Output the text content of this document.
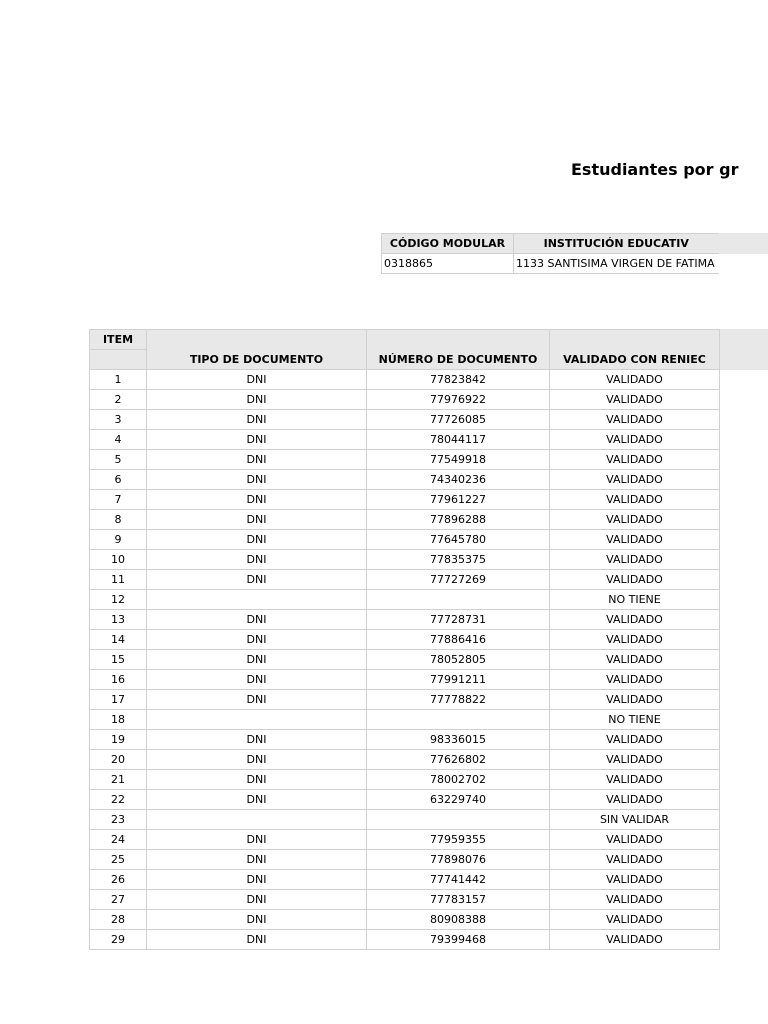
Estudiantes por gr
CÓDIGO MODULAR	INSTITUCIÓN EDUCATIV
0318865	1133 SANTISIMA VIRGEN DE FATIMA
ITEM			
	TIPO DE DOCUMENTO	NÚMERO DE DOCUMENTO	VALIDADO CON RENIEC
1	DNI	77823842	VALIDADO
2	DNI	77976922	VALIDADO
3	DNI	77726085	VALIDADO
4	DNI	78044117	VALIDADO
5	DNI	77549918	VALIDADO
6	DNI	74340236	VALIDADO
7	DNI	77961227	VALIDADO
8	DNI	77896288	VALIDADO
9	DNI	77645780	VALIDADO
10	DNI	77835375	VALIDADO
11	DNI	77727269	VALIDADO
12			NO TIENE
13	DNI	77728731	VALIDADO
14	DNI	77886416	VALIDADO
15	DNI	78052805	VALIDADO
16	DNI	77991211	VALIDADO
17	DNI	77778822	VALIDADO
18			NO TIENE
19	DNI	98336015	VALIDADO
20	DNI	77626802	VALIDADO
21	DNI	78002702	VALIDADO
22	DNI	63229740	VALIDADO
23			SIN VALIDAR
24	DNI	77959355	VALIDADO
25	DNI	77898076	VALIDADO
26	DNI	77741442	VALIDADO
27	DNI	77783157	VALIDADO
28	DNI	80908388	VALIDADO
29	DNI	79399468	VALIDADO
